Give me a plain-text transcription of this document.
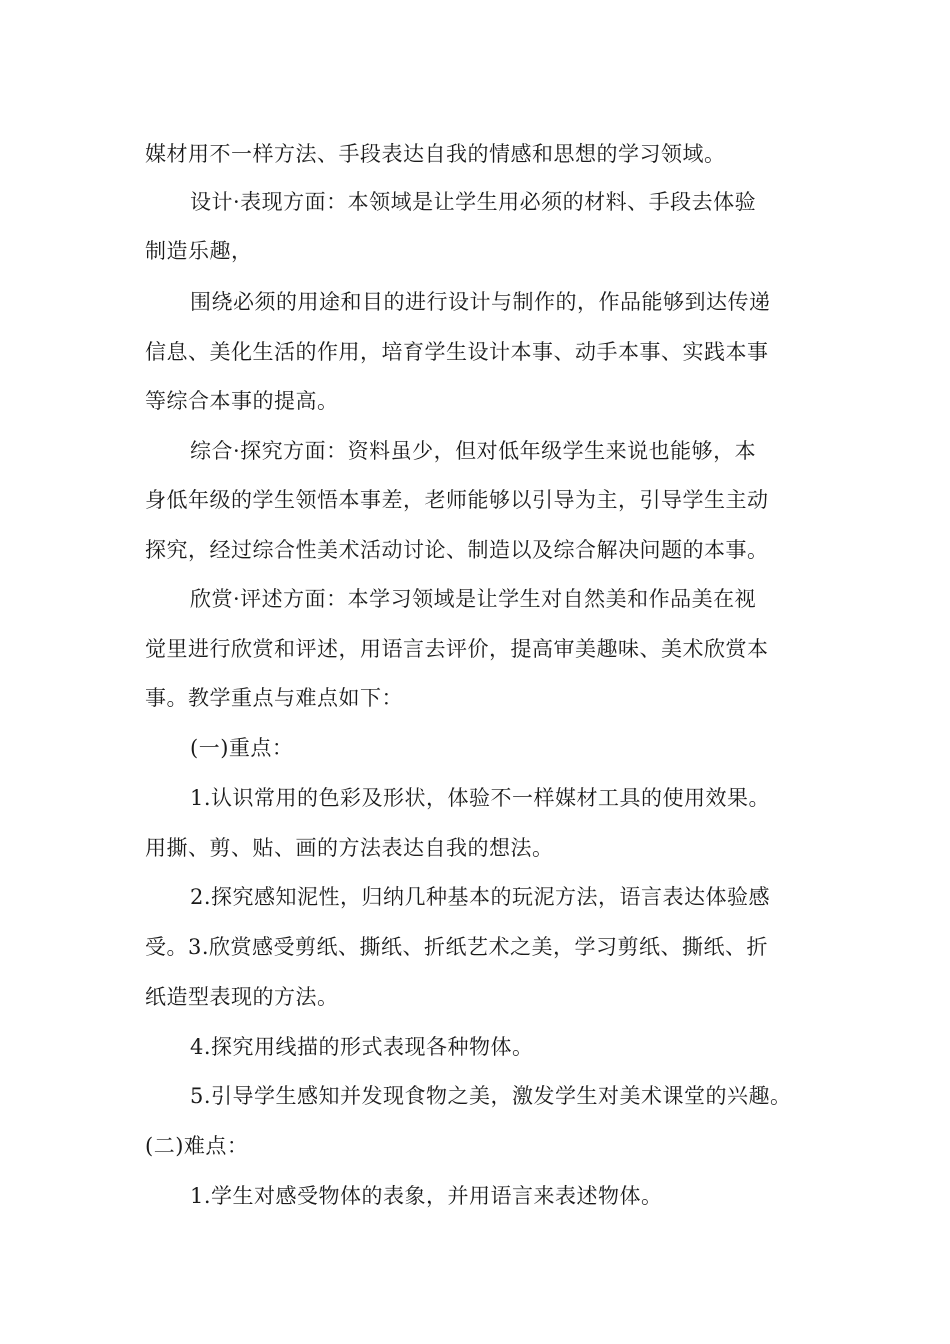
媒材用不一样方法、手段表达自我的情感和思想的学习领域。
设计·表现方面：本领域是让学生用必须的材料、手段去体验
制造乐趣，
围绕必须的用途和目的进行设计与制作的，作品能够到达传递
信息、美化生活的作用，培育学生设计本事、动手本事、实践本事
等综合本事的提高。
综合·探究方面：资料虽少，但对低年级学生来说也能够，本
身低年级的学生领悟本事差，老师能够以引导为主，引导学生主动
探究，经过综合性美术活动讨论、制造以及综合解决问题的本事。
欣赏·评述方面：本学习领域是让学生对自然美和作品美在视
觉里进行欣赏和评述，用语言去评价，提高审美趣味、美术欣赏本
事。教学重点与难点如下：
(一)重点：
1.认识常用的色彩及形状，体验不一样媒材工具的使用效果。
用撕、剪、贴、画的方法表达自我的想法。
2.探究感知泥性，归纳几种基本的玩泥方法，语言表达体验感
受。3.欣赏感受剪纸、撕纸、折纸艺术之美，学习剪纸、撕纸、折
纸造型表现的方法。
4.探究用线描的形式表现各种物体。
5.引导学生感知并发现食物之美，激发学生对美术课堂的兴趣。
(二)难点：
1.学生对感受物体的表象，并用语言来表述物体。
